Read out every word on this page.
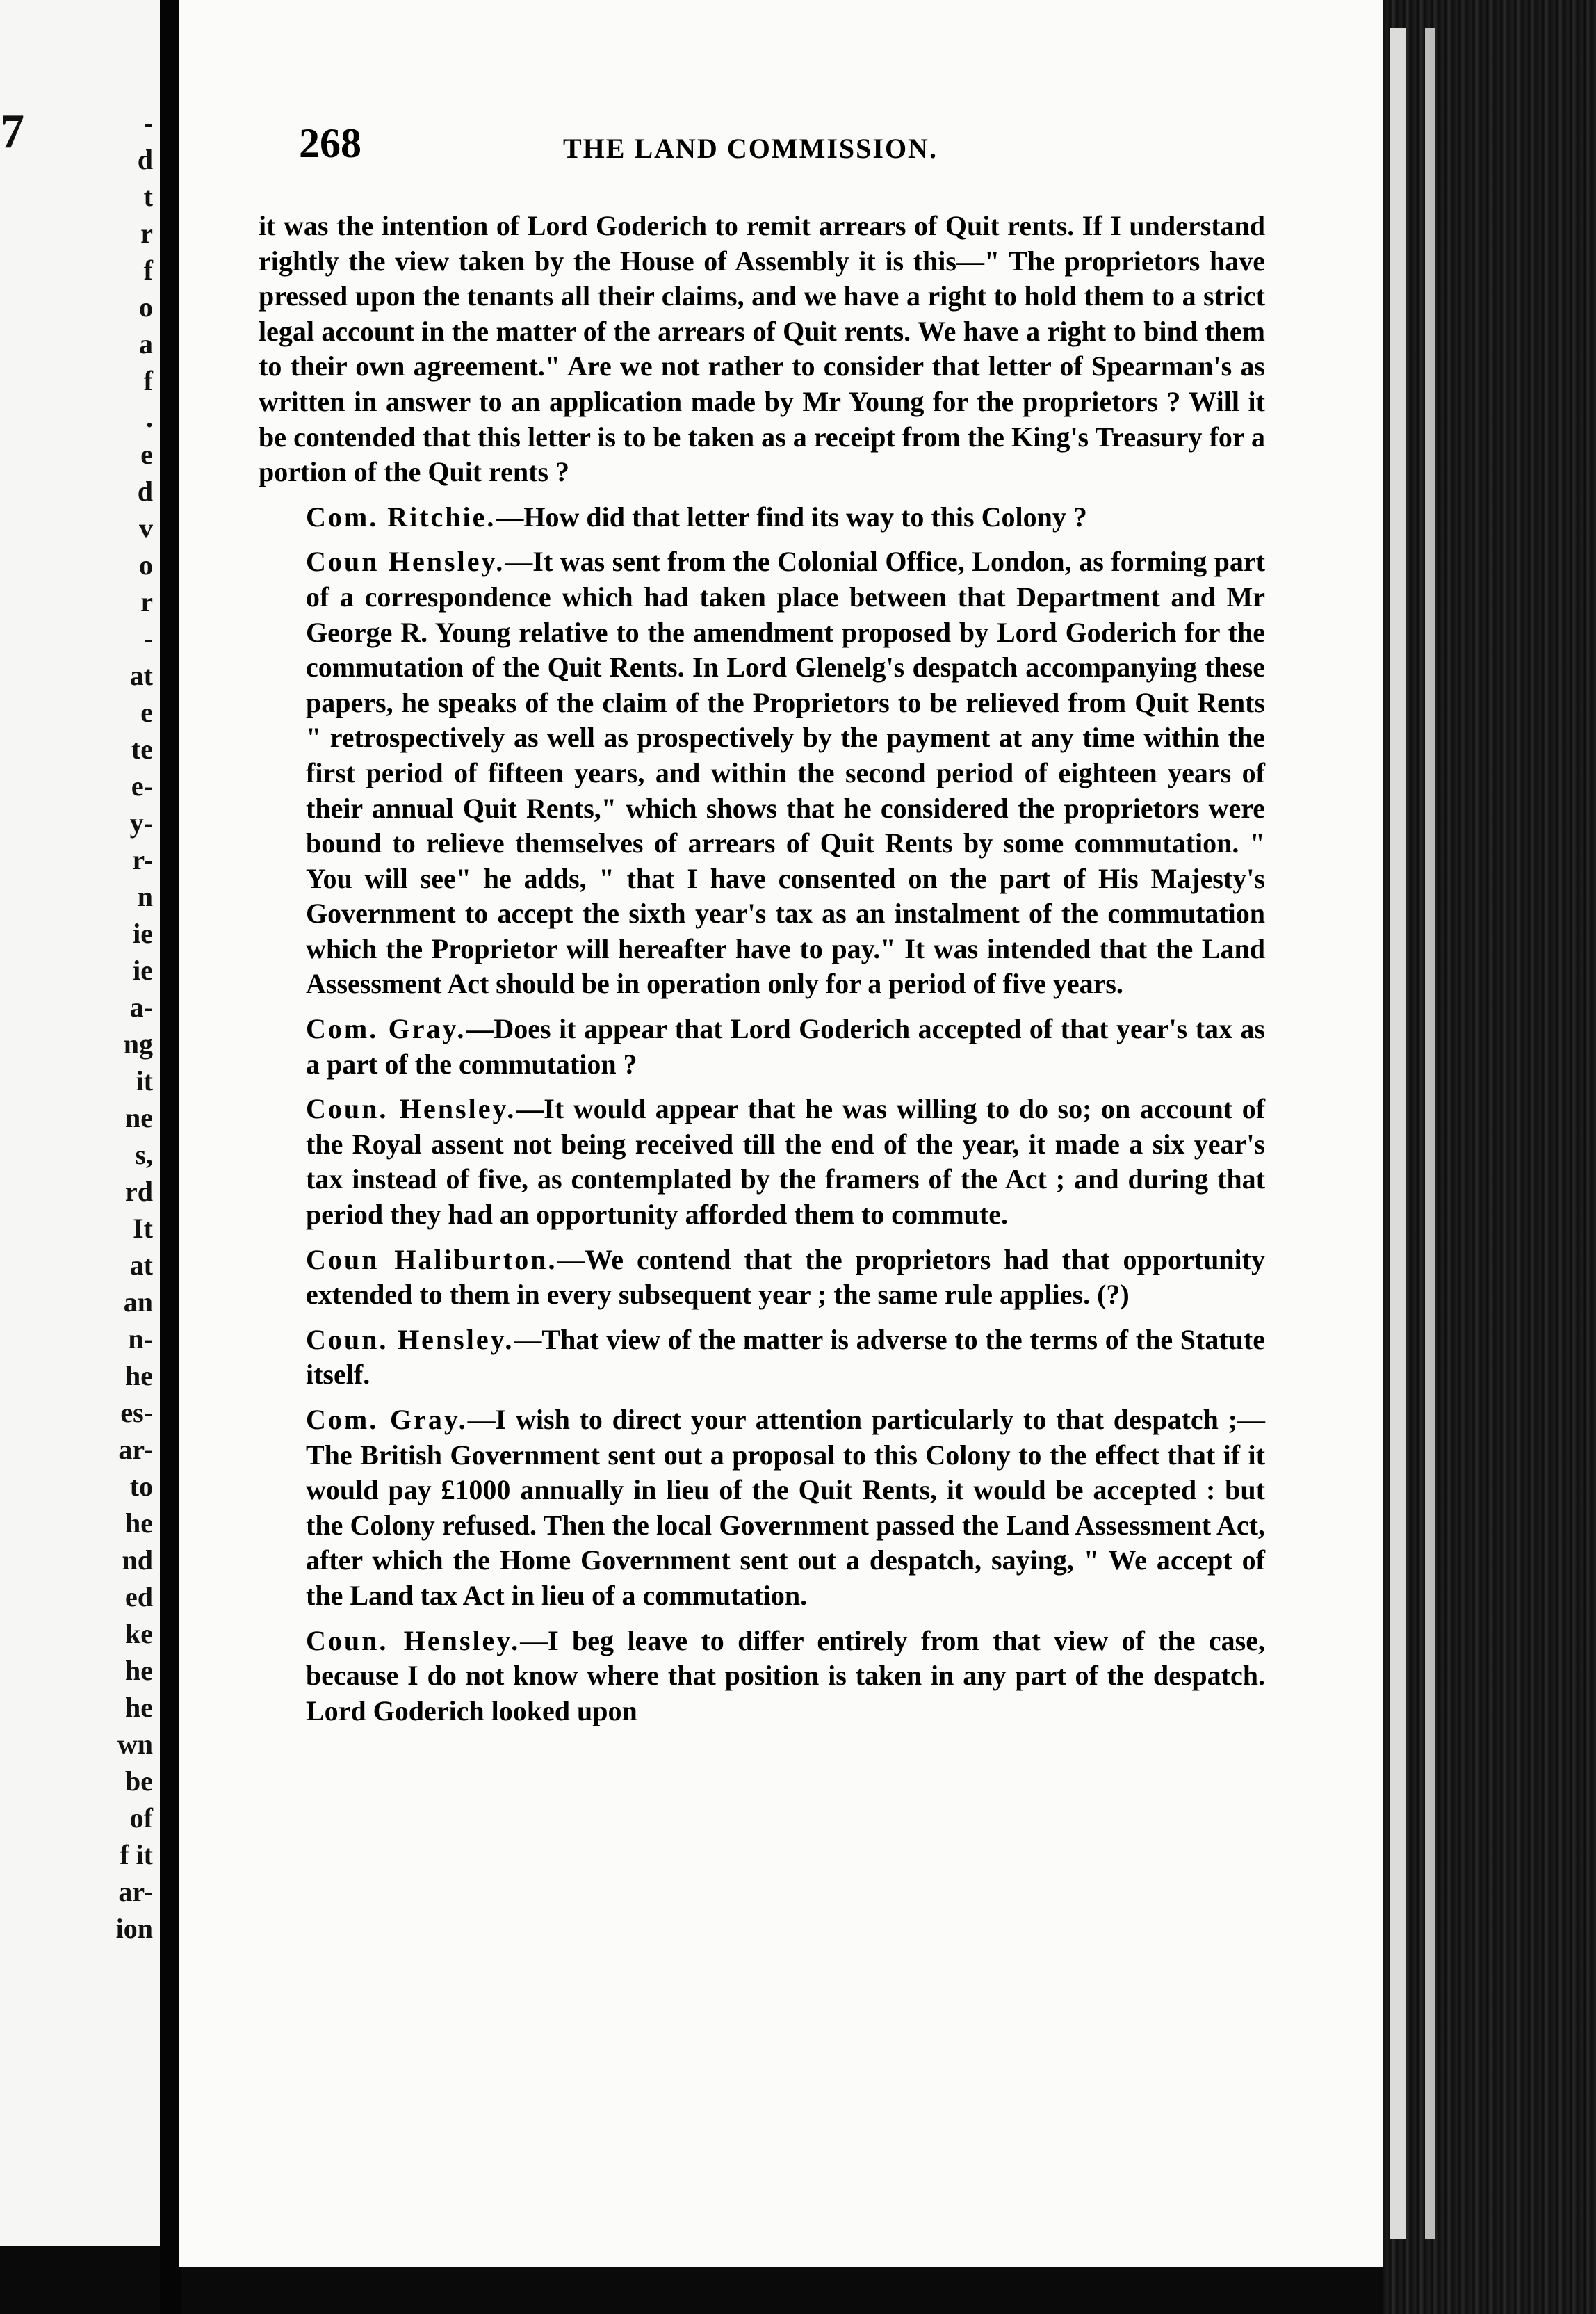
7	-
d
t
r
f
o
a
f
.
e
d
v
o
r
-
at
e
te
e-
y-
r-
n
ie
ie
a-
ng
it
ne
s,
rd
It
at
an
n-
he
es-
ar-
to
he
nd
ed
ke
he
he
wn
be
of
f it
ar-
ion
268	THE LAND COMMISSION.

it was the intention of Lord Goderich to remit arrears of Quit rents. If I understand rightly the view taken by the House of Assembly it is this—" The proprietors have pressed upon the tenants all their claims, and we have a right to hold them to a strict legal account in the matter of the arrears of Quit rents. We have a right to bind them to their own agreement." Are we not rather to consider that letter of Spearman's as written in answer to an application made by Mr Young for the proprietors ? Will it be contended that this letter is to be taken as a receipt from the King's Treasury for a portion of the Quit rents ?

Com. Ritchie.—How did that letter find its way to this Colony ?

Coun Hensley.—It was sent from the Colonial Office, London, as forming part of a correspondence which had taken place between that Department and Mr George R. Young relative to the amendment proposed by Lord Goderich for the commutation of the Quit Rents. In Lord Glenelg's despatch accompanying these papers, he speaks of the claim of the Proprietors to be relieved from Quit Rents " retrospectively as well as prospectively by the payment at any time within the first period of fifteen years, and within the second period of eighteen years of their annual Quit Rents," which shows that he considered the proprietors were bound to relieve themselves of arrears of Quit Rents by some commutation. " You will see" he adds, " that I have consented on the part of His Majesty's Government to accept the sixth year's tax as an instalment of the commutation which the Proprietor will hereafter have to pay." It was intended that the Land Assessment Act should be in operation only for a period of five years.

Com. Gray.—Does it appear that Lord Goderich accepted of that year's tax as a part of the commutation ?

Coun. Hensley.—It would appear that he was willing to do so; on account of the Royal assent not being received till the end of the year, it made a six year's tax instead of five, as contemplated by the framers of the Act ; and during that period they had an opportunity afforded them to commute.

Coun Haliburton.—We contend that the proprietors had that opportunity extended to them in every subsequent year ; the same rule applies. (?)

Coun. Hensley.—That view of the matter is adverse to the terms of the Statute itself.

Com. Gray.—I wish to direct your attention particularly to that despatch ;—The British Government sent out a proposal to this Colony to the effect that if it would pay £1000 annually in lieu of the Quit Rents, it would be accepted : but the Colony refused. Then the local Government passed the Land Assessment Act, after which the Home Government sent out a despatch, saying, " We accept of the Land tax Act in lieu of a commutation.

Coun. Hensley.—I beg leave to differ entirely from that view of the case, because I do not know where that position is taken in any part of the despatch. Lord Goderich looked upon
